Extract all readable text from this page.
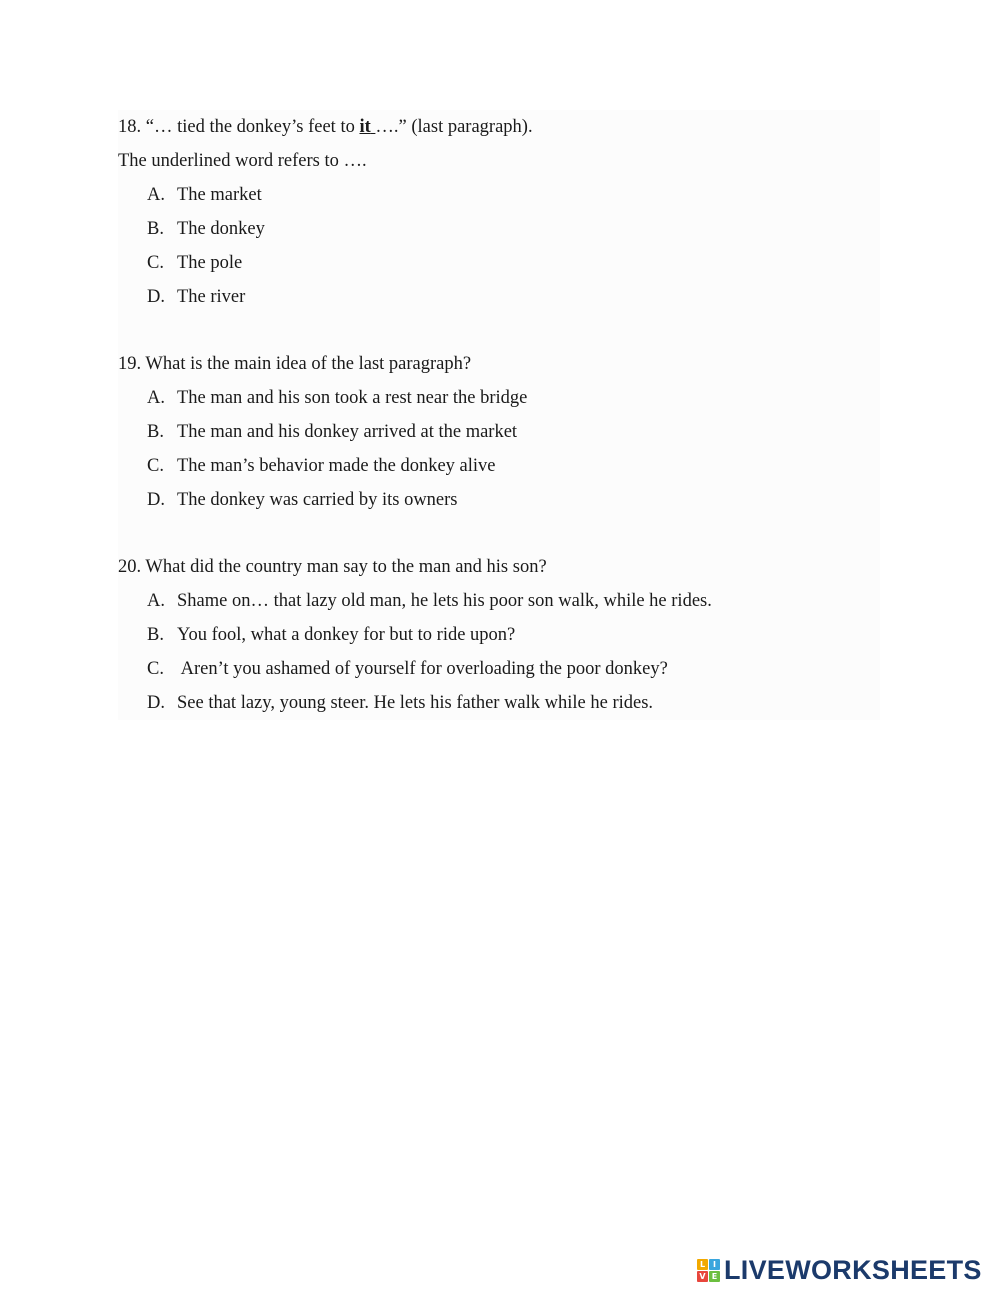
18. “… tied the donkey’s feet to it ….” (last paragraph).
The underlined word refers to ….
A. The market
B. The donkey
C. The pole
D. The river
19. What is the main idea of the last paragraph?
A. The man and his son took a rest near the bridge
B. The man and his donkey arrived at the market
C. The man’s behavior made the donkey alive
D. The donkey was carried by its owners
20. What did the country man say to the man and his son?
A. Shame on… that lazy old man, he lets his poor son walk, while he rides.
B. You fool, what a donkey for but to ride upon?
C. Aren’t you ashamed of yourself for overloading the poor donkey?
D. See that lazy, young steer. He lets his father walk while he rides.
L I
V E LIVEWORKSHEETS
